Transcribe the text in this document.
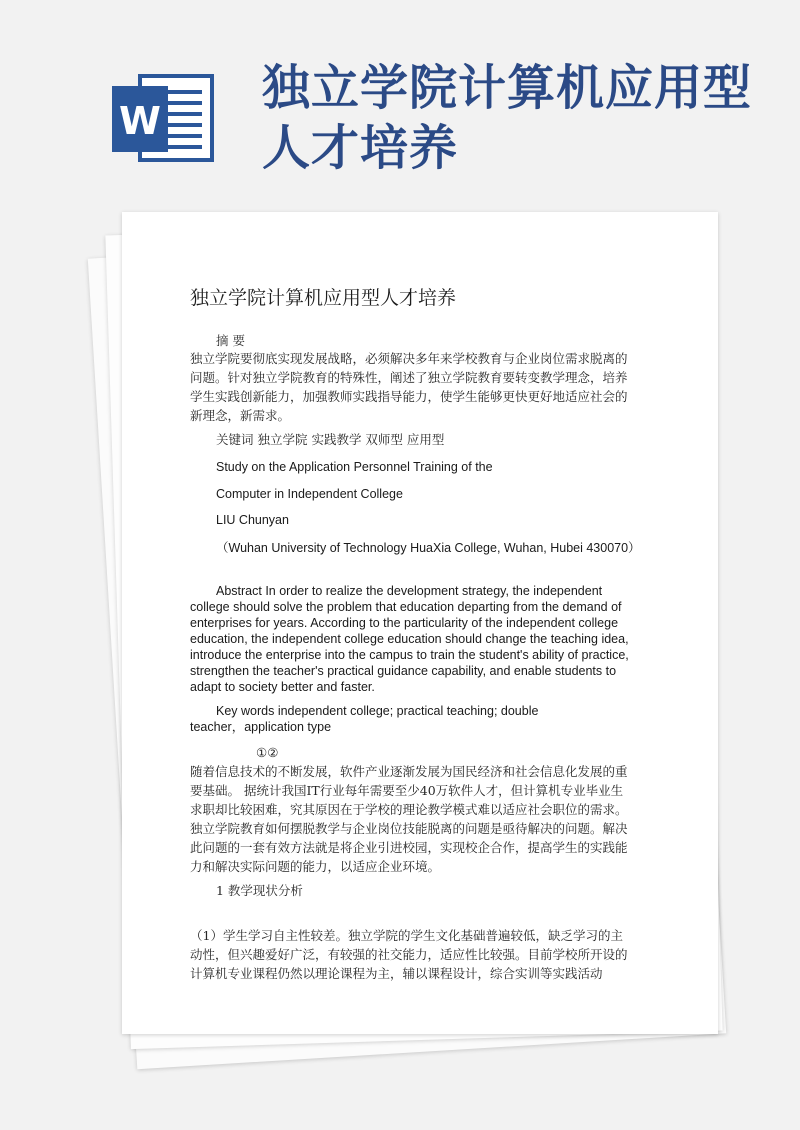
W
独立学院计算机应用型人才培养
独立学院计算机应用型人才培养

摘 要

独立学院要彻底实现发展战略，必须解决多年来学校教育与企业岗位需求脱离的问题。针对独立学院教育的特殊性，阐述了独立学院教育要转变教学理念，培养学生实践创新能力，加强教师实践指导能力，使学生能够更快更好地适应社会的新理念，新需求。

关键词 独立学院 实践教学 双师型 应用型

Study on the Application Personnel Training of the

Computer in Independent College

LIU Chunyan

（Wuhan University of Technology HuaXia College, Wuhan, Hubei 430070）

Abstract In order to realize the development strategy, the independent college should solve the problem that education departing from the demand of enterprises for years. According to the particularity of the independent college education, the independent college education should change the teaching idea, introduce the enterprise into the campus to train the student's ability of practice, strengthen the teacher's practical guidance capability, and enable students to adapt to society better and faster.

Key words independent college; practical teaching; double teacher，application type

①②

随着信息技术的不断发展，软件产业逐渐发展为国民经济和社会信息化发展的重要基础。 据统计我国IT行业每年需要至少40万软件人才，但计算机专业毕业生求职却比较困难，究其原因在于学校的理论教学模式难以适应社会职位的需求。独立学院教育如何摆脱教学与企业岗位技能脱离的问题是亟待解决的问题。解决此问题的一套有效方法就是将企业引进校园，实现校企合作，提高学生的实践能力和解决实际问题的能力，以适应企业环境。

1 教学现状分析

（1）学生学习自主性较差。独立学院的学生文化基础普遍较低，缺乏学习的主动性，但兴趣爱好广泛，有较强的社交能力，适应性比较强。目前学校所开设的计算机专业课程仍然以理论课程为主，辅以课程设计，综合实训等实践活动
